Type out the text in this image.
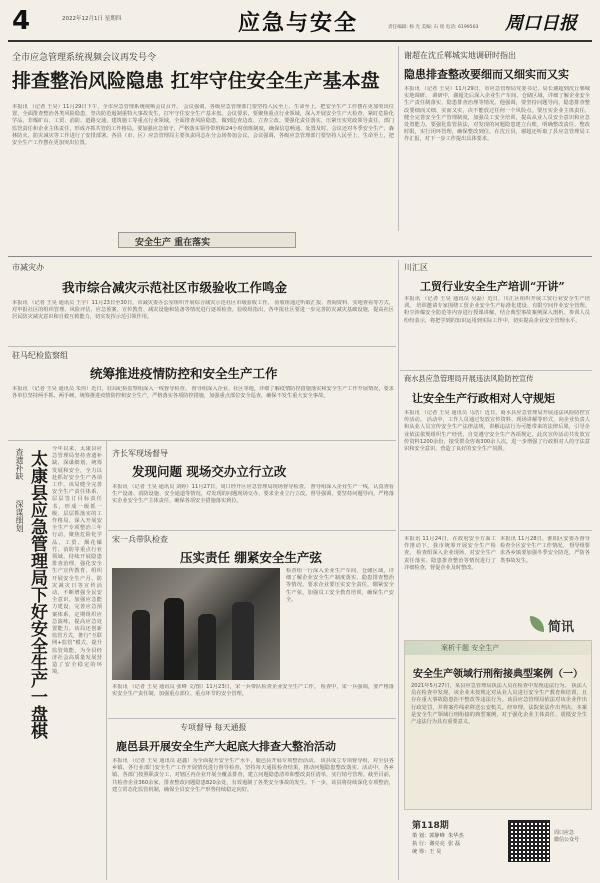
4	2022年12月1日 星期四	应急与安全	责任编辑: 杨 光 美编: 石 瑶 电话: 6199503 周口日报
全市应急管理系统视频会议再发号令
排查整治风险隐患 扛牢守住安全生产基本盘
本报讯 （记者 王昊）11月29日下午，全市应急管理系统视频会议召开。 会议强调，各级应急管理部门要坚持人民至上、生命至上，把安全生产工作摆在更加突出位置，全面排查整治各类风险隐患，坚决防范遏制重特大事故发生，扛牢守住安全生产基本盘。会议要求，要聚焦重点行业领域，深入开展安全生产大检查，紧盯危险化学品、非煤矿山、工贸、消防、道路交通、建筑施工等重点行业领域，全面排查风险隐患，做到边查边改、立查立改。要强化责任落实，压紧压实党政领导责任、部门监管责任和企业主体责任，形成齐抓共管的工作格局。要加强应急值守，严格落实领导带班和24小时值班制度，确保信息畅通、处置及时。会议还对冬季安全生产、森林防火、防灾减灾等工作进行了安排部署。各县（市、区）应急管理局主要负责同志在分会场参加会议。会议强调，各级应急管理部门要坚持人民至上、生命至上，把安全生产工作摆在更加突出位置。
谢超在沈丘郸城实地调研时指出
隐患排查整改要细而又细实而又实
本报讯 （记者 王昊）11月29日，市应急管理局党委书记、局长谢超到沈丘郸城实地调研。 调研中，谢超先后深入企业生产车间、仓储区域，详细了解企业安全生产责任制落实、隐患排查治理等情况。他强调，要坚持问题导向，隐患排查整改要细而又细、实而又实，决不能放过任何一个风险点。要压实企业主体责任，健全完善安全生产管理制度，加强员工安全培训，提高从业人员安全意识和应急处置能力。要强化监管执法，对发现的问题隐患建立台账，明确整改责任、整改时限，实行闭环管理，确保整改到位。在沈丘县，谢超还听取了县应急管理局工作汇报，对下一步工作提出具体要求。
安全生产 重在落实
市减灾办
我市综合减灾示范社区市级验收工作鸣金
本报讯 （记者 王昊 通讯员 王宇）11月23日至30日，市减灾委办公室组织开展综合减灾示范社区市级验收工作。 验收组通过听取汇报、查阅资料、实地查看等方式，对申报社区的组织管理、风险评估、应急预案、宣传教育、减灾设施和装备等情况进行逐项检查。验收组指出，各申报社区要进一步完善防灾减灾基础设施，提高社区居民防灾减灾意识和自救互救能力，切实发挥示范引领作用。
川汇区
工贸行业安全生产培训“开讲”
本报讯 （记者 王昊 通讯员 吴磊）近日，川汇区组织开展工贸行业安全生产培训。 培训邀请专家围绕工贸企业安全生产标准化建设、有限空间作业安全管理、粉尘涉爆安全防范等内容进行授课讲解，结合典型事故案例深入剖析。参训人员纷纷表示，将把学到的知识运用到实际工作中，切实提高企业安全管理水平。
驻马纪检监察组
统筹推进疫情防控和安全生产工作
本报讯 （记者 王昊 通讯员 朱伟）近日，驻局纪检监察组深入一线督导检查。 督导组深入企业、社区等地，详细了解疫情防控措施落实和安全生产工作开展情况，要求各单位坚持两手抓、两手硬，统筹推进疫情防控和安全生产，严格落实各项防控措施，加强重点部位安全巡查，确保不发生重大安全事故。
商水县应急管理局开展违法风险防控宣传
让安全生产行政相对人守规矩
本报讯 （记者 王昊 通讯员 马浩）近日，商水县应急管理局开展违法风险防控宣传活动。 活动中，工作人员通过发放宣传资料、现场讲解等形式，向企业负责人和从业人员宣传安全生产法律法规，讲解违法行为可能带来的法律后果，引导企业依法依规组织生产经营，自觉遵守安全生产各项规定。此次宣传活动共发放宣传资料1200余份，接受群众咨询300余人次，进一步增强了行政相对人的守法意识和安全意识，营造了良好的安全生产氛围。
查遗补缺
深谋细划 太康县应急管理局下好安全生产一盘棋
今年以来，太康县应急管理局坚持查遗补缺、深谋细划，统筹发展和安全，全力以赴抓好安全生产各项工作。该局健全完善安全生产责任体系，层层签订目标责任书，形成一级抓一级、层层抓落实的工作格局。深入开展安全生产专项整治三年行动，聚焦危险化学品、工贸、烟花爆竹、消防等重点行业领域，持续开展隐患排查治理。强化安全生产宣传教育，组织开展安全生产月、防灾减灾日等宣传活动，不断增强全民安全意识。加强应急能力建设，完善应急预案体系，定期组织应急演练，提高应急处置能力。该局还创新监管方式，推行“互联网+监管”模式，提升监管效能，为全县经济社会高质量发展营造了安全稳定的环境。
齐长军现场督导
发现问题 现场交办立行立改
本报讯 （记者 王昊 通讯员 刘婷）11月27日，周口经开区应急管理局现场督导检查。 督导组深入企业生产一线，认真查看生产设备、消防设施、安全通道等情况，对发现的问题现场交办，要求企业立行立改。督导强调，要坚持问题导向，严格落实企业安全生产主体责任，确保各项安全措施落实到位。
宋一兵带队检查
压实责任 绷紧安全生产弦
检查组一行深入企业生产车间、仓储区域，详细了解企业安全生产制度落实、隐患排查整治等情况。要求企业要压实安全责任，绷紧安全生产弦，加强员工安全教育培训，确保生产安全。
本报讯 （记者 王昊 通讯员 张峰 文/图）11月23日，宋一兵带队检查企业安全生产工作。 检查中，宋一兵强调，要严格落实安全生产责任制，加强重点部位、重点环节的安全管理。
专项督导 每天通报
鹿邑县开展安全生产大起底大排查大整治活动
本报讯 （记者 王昊 通讯员 赵鑫）为全面提升安全生产水平，鹿邑县开展专项整治活动。 该县成立专项督导组，对全县各乡镇、各行业部门安全生产工作开展情况进行督导检查，坚持每天通报检查结果，推动问题隐患整改落实。活动中，各乡镇、各部门按照职责分工，对辖区内企业开展全覆盖排查，建立问题隐患清单和整改责任清单，实行销号管理。截至目前，共检查企业360余家，排查整改问题隐患820余处，有效遏制了各类安全事故的发生。下一步，该县将持续深化专项整治，建立常态化监管机制，确保全县安全生产形势持续稳定向好。
本报讯 11月24日，在政府安全方面工作推动下，我市统筹开展安全生产检查。 检查组深入企业现场，对安全生产责任落实、隐患排查整治等情况进行了详细检查，督促企业及时整改。
本报讯 11月28日，淮阳区安委办督导检查全区安全生产工作情况。 督导组要求各乡镇要加强冬季安全防范，严防各类事故发生。
简讯
案析千题 安全生产
安全生产领域行刑衔接典型案例（一）
2021年5月27日，某县应急管理局执法人员在检查中发现违法行为。 执法人员在检查中发现，该企业未按规定对从业人员进行安全生产教育和培训，且存在重大事故隐患拒不整改等违法行为。该县应急管理局依法对该企业作出行政处罚，并将案件线索移送公安机关。经审理，法院依法作出判决。本案是安全生产领域行刑衔接的典型案例，对于强化企业主体责任、震慑安全生产违法行为具有重要意义。
第118期
策 划：郭静峰  朱华杰
执 行：谢亮亮  张 磊
统 筹：王 昊
周口应急
微信公众号
